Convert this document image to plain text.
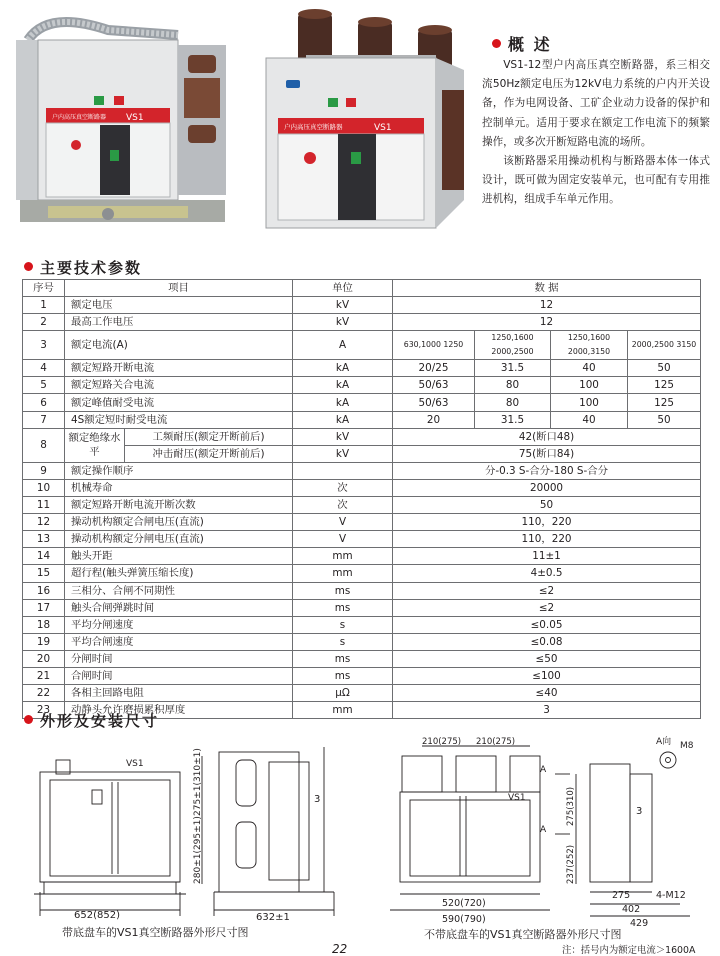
户内高压真空断路器 VS1
户内高压真空断路器	VS1
概 述

VS1-12型户内高压真空断路器，系三相交流50Hz额定电压为12kV电力系统的户内开关设备，作为电网设备、工矿企业动力设备的保护和控制单元。适用于要求在额定工作电流下的频繁操作，或多次开断短路电流的场所。

该断路器采用操动机构与断路器本体一体式设计，既可做为固定安装单元，也可配有专用推进机构，组成手车单元作用。

主要技术参数
序号	项目		单位	数 据			
1	额定电压		kV	12			
2	最高工作电压		kV	12			
3	额定电流(A)		A	630,1000 1250	1250,1600 2000,2500	1250,1600 2000,3150	2000,2500 3150
4	额定短路开断电流		kA	20/25	31.5	40	50
5	额定短路关合电流		kA	50/63	80	100	125
6	额定峰值耐受电流		kA	50/63	80	100	125
7	4S额定短时耐受电流		kA	20	31.5	40	50
8	额定绝缘水平	工频耐压(额定开断前后)	kV	42(断口48)			
		冲击耐压(额定开断前后)	kV	75(断口84)			
9	额定操作顺序			分-0.3 S-合分-180 S-合分			
10	机械寿命		次	20000			
11	额定短路开断电流开断次数		次	50			
12	操动机构额定合闸电压(直流)		V	110，220			
13	操动机构额定分闸电压(直流)		V	110，220			
14	触头开距		mm	11±1			
15	超行程(触头弹簧压缩长度)		mm	4±0.5			
16	三相分、合闸不同期性		ms	≤2			
17	触头合闸弹跳时间		ms	≤2			
18	平均分闸速度		s	≤0.05			
19	平均合闸速度		s	≤0.08			
20	分闸时间		ms	≤50			
21	合闸时间		ms	≤100			
22	各相主回路电阻		μΩ	≤40			
23	动静头允许磨损累积厚度		mm	3			
外形及安装尺寸
VS1
652(852)	632±1
3
275±1(310±1)
280±1(295±1)
210(275) 210(275)	A向 M8
A
A
VS1
3
275(310)
237(252)
520(720)
590(790)
275	4-M12
402
429
带底盘车的VS1真空断路器外形尺寸图	不带底盘车的VS1真空断路器外形尺寸图
注：括号内为额定电流＞1600A
22
